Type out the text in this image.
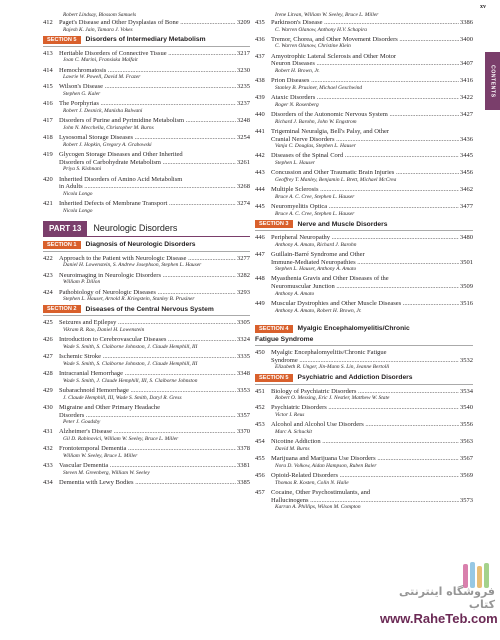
xv
CONTENTS
Robert Lindsay, Blossom Samuels
412 Paget's Disease and Other Dysplasias of Bone .....	3209
Rajesh K. Jain, Tamara J. Vokes
SECTION 5	Disorders of Intermediary Metabolism
413 Heritable Disorders of Connective Tissue .....	3217
Joan C. Marini, Fransiska Malfait
414 Hemochromatosis .....	3230
Lawrie W. Powell, David M. Frazer
415 Wilson's Disease .....	3235
Stephen G. Kaler
416 The Porphyrias .....	3237
Robert J. Desnick, Manisha Balwani
417 Disorders of Purine and Pyrimidine Metabolism .....	3248
John N. Mecchella, Christopher M. Burns
418 Lysosomal Storage Diseases .....	3254
Robert J. Hopkin, Gregory A. Grabowski
419 Glycogen Storage Diseases and Other Inherited
Disorders of Carbohydrate Metabolism .....	3261
Priya S. Kishnani
420 Inherited Disorders of Amino Acid Metabolism
in Adults .....	3268
Nicola Longo
421 Inherited Defects of Membrane Transport .....	3274
Nicola Longo
PART 13	Neurologic Disorders
SECTION 1	Diagnosis of Neurologic Disorders
422 Approach to the Patient with Neurologic Disease .....	3277
Daniel H. Lowenstein, S. Andrew Josephson, Stephen L. Hauser
423 Neuroimaging in Neurologic Disorders .....	3282
William P. Dillon
424 Pathobiology of Neurologic Diseases .....	3293
Stephen L. Hauser, Arnold R. Kriegstein, Stanley B. Prusiner
SECTION 2	Diseases of the Central Nervous System
425 Seizures and Epilepsy .....	3305
Vikram R. Rao, Daniel H. Lowenstein
426 Introduction to Cerebrovascular Diseases .....	3324
Wade S. Smith, S. Claiborne Johnston, J. Claude Hemphill, III
427 Ischemic Stroke .....	3335
Wade S. Smith, S. Claiborne Johnston, J. Claude Hemphill, III
428 Intracranial Hemorrhage .....	3348
Wade S. Smith, J. Claude Hemphill, III, S. Claiborne Johnston
429 Subarachnoid Hemorrhage .....	3353
J. Claude Hemphill, III, Wade S. Smith, Daryl R. Gress
430 Migraine and Other Primary Headache
Disorders .....	3357
Peter J. Goadsby
431 Alzheimer's Disease .....	3370
Gil D. Rabinovici, William W. Seeley, Bruce L. Miller
432 Frontotemporal Dementia .....	3378
William W. Seeley, Bruce L. Miller
433 Vascular Dementia .....	3381
Steven M. Greenberg, William W. Seeley
434 Dementia with Lewy Bodies .....	3385
Irene Litvan, William W. Seeley, Bruce L. Miller
435 Parkinson's Disease .....	3386
C. Warren Olanow, Anthony H.V. Schapira
436 Tremor, Chorea, and Other Movement Disorders .....	3400
C. Warren Olanow, Christine Klein
437 Amyotrophic Lateral Sclerosis and Other Motor
Neuron Diseases .....	3407
Robert H. Brown, Jr.
438 Prion Diseases .....	3416
Stanley B. Prusiner, Michael Geschwind
439 Ataxic Disorders .....	3422
Roger N. Rosenberg
440 Disorders of the Autonomic Nervous System .....	3427
Richard J. Barohn, John W. Engstrom
441 Trigeminal Neuralgia, Bell's Palsy, and Other
Cranial Nerve Disorders .....	3436
Vanja C. Douglas, Stephen L. Hauser
442 Diseases of the Spinal Cord .....	3445
Stephen L. Hauser
443 Concussion and Other Traumatic Brain Injuries .....	3456
Geoffrey T. Manley, Benjamin L. Brett, Michael McCrea
444 Multiple Sclerosis .....	3462
Bruce A. C. Cree, Stephen L. Hauser
445 Neuromyelitis Optica .....	3477
Bruce A. C. Cree, Stephen L. Hauser
SECTION 3	Nerve and Muscle Disorders
446 Peripheral Neuropathy .....	3480
Anthony A. Amato, Richard J. Barohn
447 Guillain-Barré Syndrome and Other
Immune-Mediated Neuropathies .....	3501
Stephen L. Hauser, Anthony A. Amato
448 Myasthenia Gravis and Other Diseases of the
Neuromuscular Junction .....	3509
Anthony A. Amato
449 Muscular Dystrophies and Other Muscle Diseases .....	3516
Anthony A. Amato, Robert H. Brown, Jr.
SECTION 4 Myalgic Encephalomyelitis/Chronic
Fatigue Syndrome
450 Myalgic Encephalomyelitis/Chronic Fatigue
Syndrome .....	3532
Elizabeth R. Unger, Jin-Mann S. Lin, Jeanne Bertolli
SECTION 5	Psychiatric and Addiction Disorders
451 Biology of Psychiatric Disorders .....	3534
Robert O. Messing, Eric J. Nestler, Matthew W. State
452 Psychiatric Disorders .....	3540
Victor I. Reus
453 Alcohol and Alcohol Use Disorders .....	3556
Marc A. Schuckit
454 Nicotine Addiction .....	3563
David M. Burns
455 Marijuana and Marijuana Use Disorders .....	3567
Nora D. Volkow, Aidan Hampson, Ruben Baler
456 Opioid-Related Disorders .....	3569
Thomas R. Kosten, Colin N. Haile
457 Cocaine, Other Psychostimulants, and
Hallucinogens .....	3573
Karran A. Phillips, Wilson M. Compton
فروشگاه اینترنتی کتاب
www.RaheTeb.com
